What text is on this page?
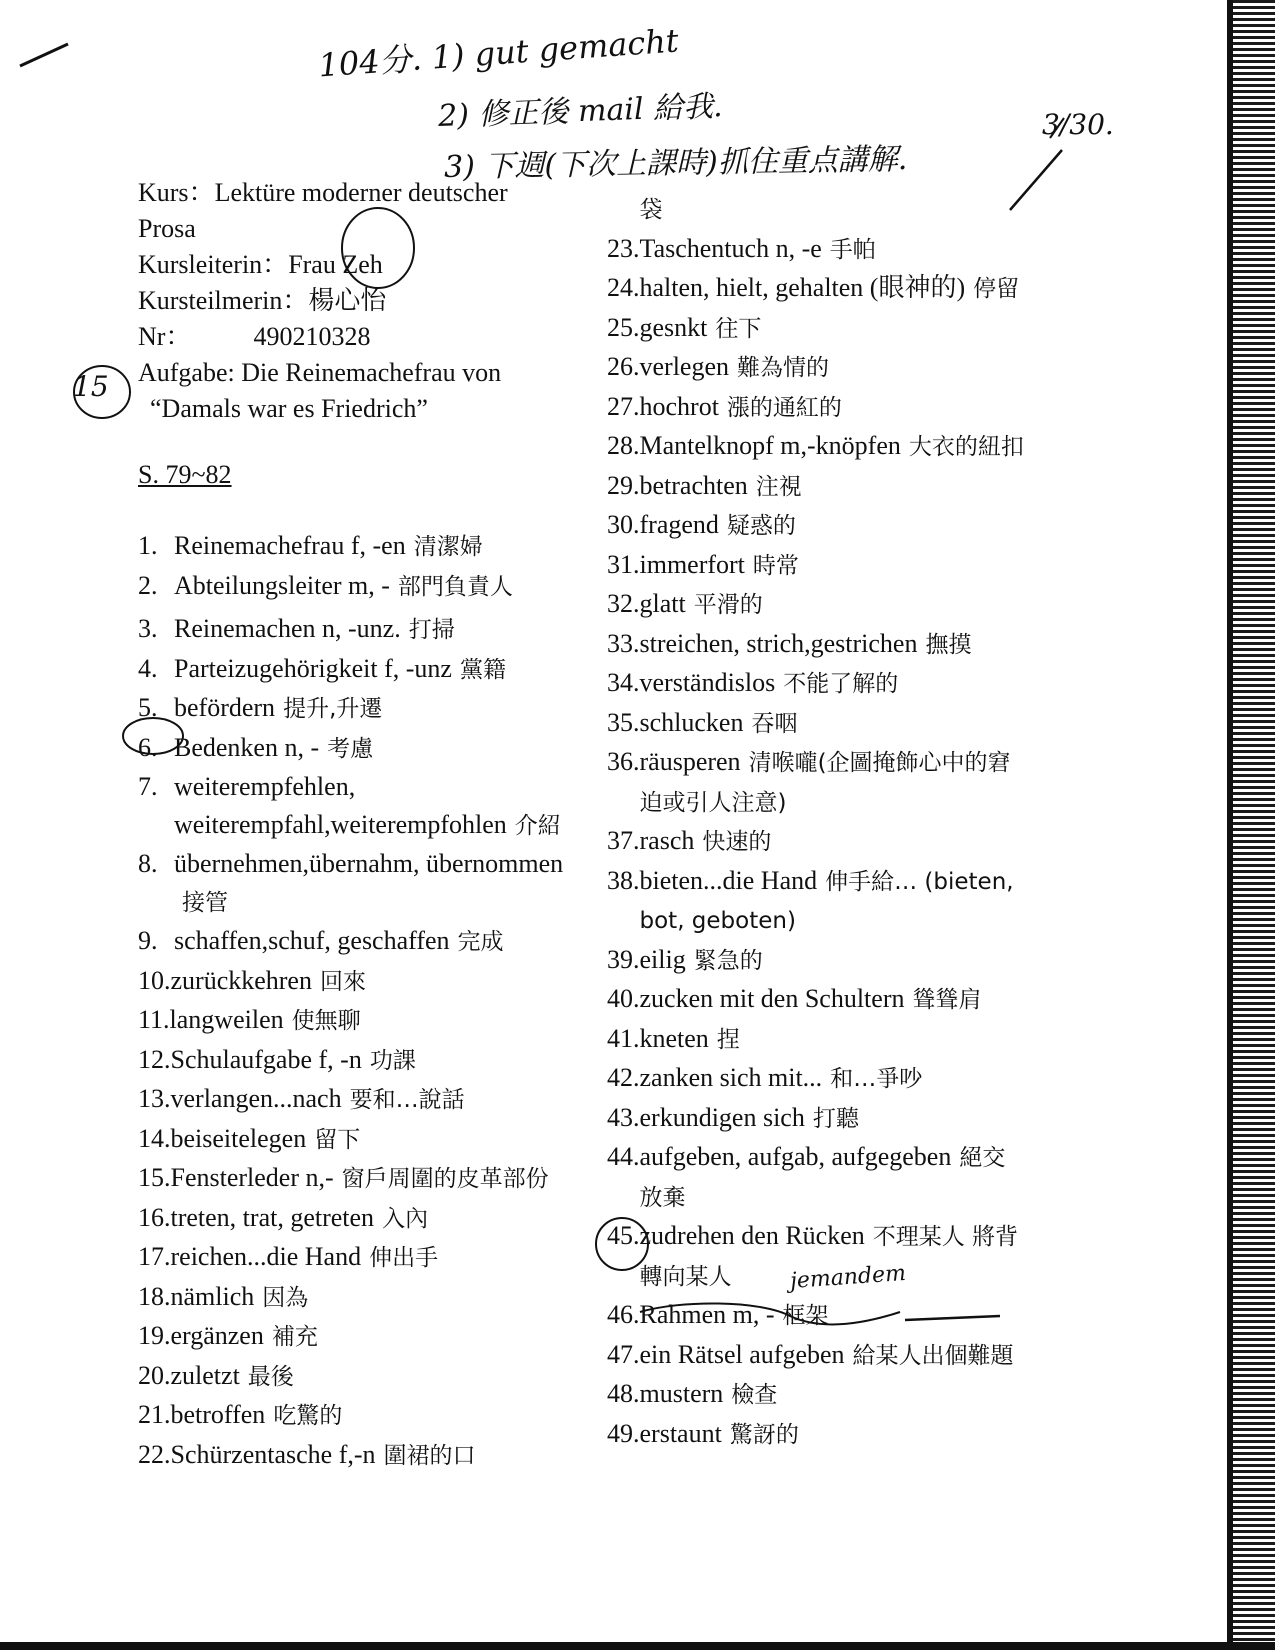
104分. 1) gut gemacht
2) 修正後 mail 給我.
3) 下週(下次上課時)抓住重点講解.
3/30.
15
jemandem
Kurs：Lektüre moderner deutscher
Prosa
Kursleiterin：Frau Zeh
Kursteilmerin：楊心怡
Nr： 490210328
Aufgabe: Die Reinemachefrau von
“Damals war es Friedrich”
S. 79~82
1. Reinemachefrau f, -en 清潔婦
2. Abteilungsleiter m, - 部門負責人
3. Reinemachen n, -unz. 打掃
4. Parteizugehörigkeit f, -unz 黨籍
5. befördern 提升,升遷
6. Bedenken n, - 考慮
7. weiterempfehlen, weiterempfahl,weiterempfohlen 介紹
8. übernehmen,übernahm, übernommen接管
9. schaffen,schuf, geschaffen 完成
10. zurückkehren 回來
11. langweilen 使無聊
12. Schulaufgabe f, -n 功課
13. verlangen...nach 要和…說話
14. beiseitelegen 留下
15. Fensterleder n,- 窗戶周圍的皮革部份
16. treten, trat, getreten 入內
17. reichen...die Hand 伸出手
18. nämlich 因為
19. ergänzen 補充
20. zuletzt 最後
21. betroffen 吃驚的
22. Schürzentasche f,-n 圍裙的口
袋
23. Taschentuch n, -e 手帕
24. halten, hielt, gehalten (眼神的) 停留
25. gesnkt 往下
26. verlegen 難為情的
27. hochrot 漲的通紅的
28. Mantelknopf m,-knöpfen 大衣的紐扣
29. betrachten 注視
30. fragend 疑惑的
31. immerfort 時常
32. glatt 平滑的
33. streichen, strich,gestrichen 撫摸
34. verständislos 不能了解的
35. schlucken 吞咽
36. räusperen 清喉嚨(企圖掩飾心中的窘迫或引人注意)
37. rasch 快速的
38. bieten...die Hand 伸手給… (bieten, bot, geboten)
39. eilig 緊急的
40. zucken mit den Schultern 聳聳肩
41. kneten 捏
42. zanken sich mit... 和…爭吵
43. erkundigen sich 打聽
44. aufgeben, aufgab, aufgegeben 絕交放棄
45. zudrehen den Rücken 不理某人 將背轉向某人
46. Rahmen m, - 框架
47. ein Rätsel aufgeben 給某人出個難題
48. mustern 檢查
49. erstaunt 驚訝的
